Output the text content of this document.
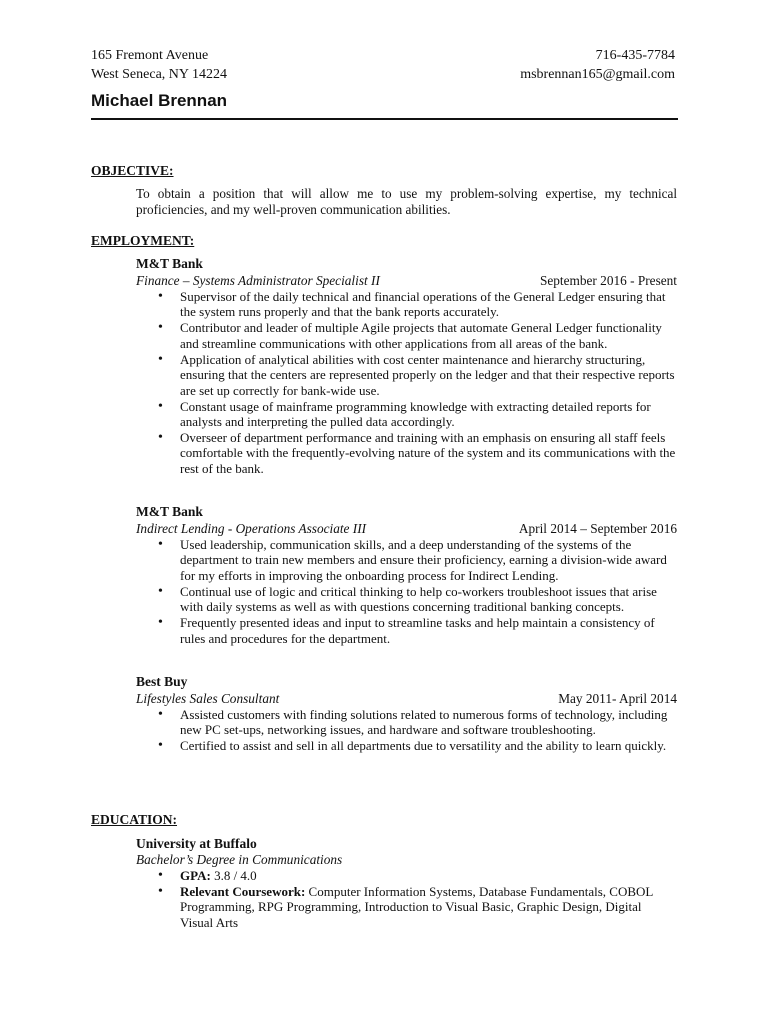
165 Fremont Avenue
West Seneca, NY 14224
716-435-7784
msbrennan165@gmail.com
Michael Brennan
OBJECTIVE:
To obtain a position that will allow me to use my problem-solving expertise, my technical proficiencies, and my well-proven communication abilities.
EMPLOYMENT:
M&T Bank
Finance – Systems Administrator Specialist II	September 2016 - Present
• Supervisor of the daily technical and financial operations of the General Ledger ensuring that the system runs properly and that the bank reports accurately.
• Contributor and leader of multiple Agile projects that automate General Ledger functionality and streamline communications with other applications from all areas of the bank.
• Application of analytical abilities with cost center maintenance and hierarchy structuring, ensuring that the centers are represented properly on the ledger and that their respective reports are set up correctly for bank-wide use.
• Constant usage of mainframe programming knowledge with extracting detailed reports for analysts and interpreting the pulled data accordingly.
• Overseer of department performance and training with an emphasis on ensuring all staff feels comfortable with the frequently-evolving nature of the system and its communications with the rest of the bank.
M&T Bank
Indirect Lending - Operations Associate III	April 2014 – September 2016
• Used leadership, communication skills, and a deep understanding of the systems of the department to train new members and ensure their proficiency, earning a division-wide award for my efforts in improving the onboarding process for Indirect Lending.
• Continual use of logic and critical thinking to help co-workers troubleshoot issues that arise with daily systems as well as with questions concerning traditional banking concepts.
• Frequently presented ideas and input to streamline tasks and help maintain a consistency of rules and procedures for the department.
Best Buy
Lifestyles Sales Consultant	May 2011- April 2014
• Assisted customers with finding solutions related to numerous forms of technology, including new PC set-ups, networking issues, and hardware and software troubleshooting.
• Certified to assist and sell in all departments due to versatility and the ability to learn quickly.
EDUCATION:
University at Buffalo
Bachelor’s Degree in Communications
• GPA: 3.8 / 4.0
• Relevant Coursework: Computer Information Systems, Database Fundamentals, COBOL Programming, RPG Programming, Introduction to Visual Basic, Graphic Design, Digital Visual Arts
